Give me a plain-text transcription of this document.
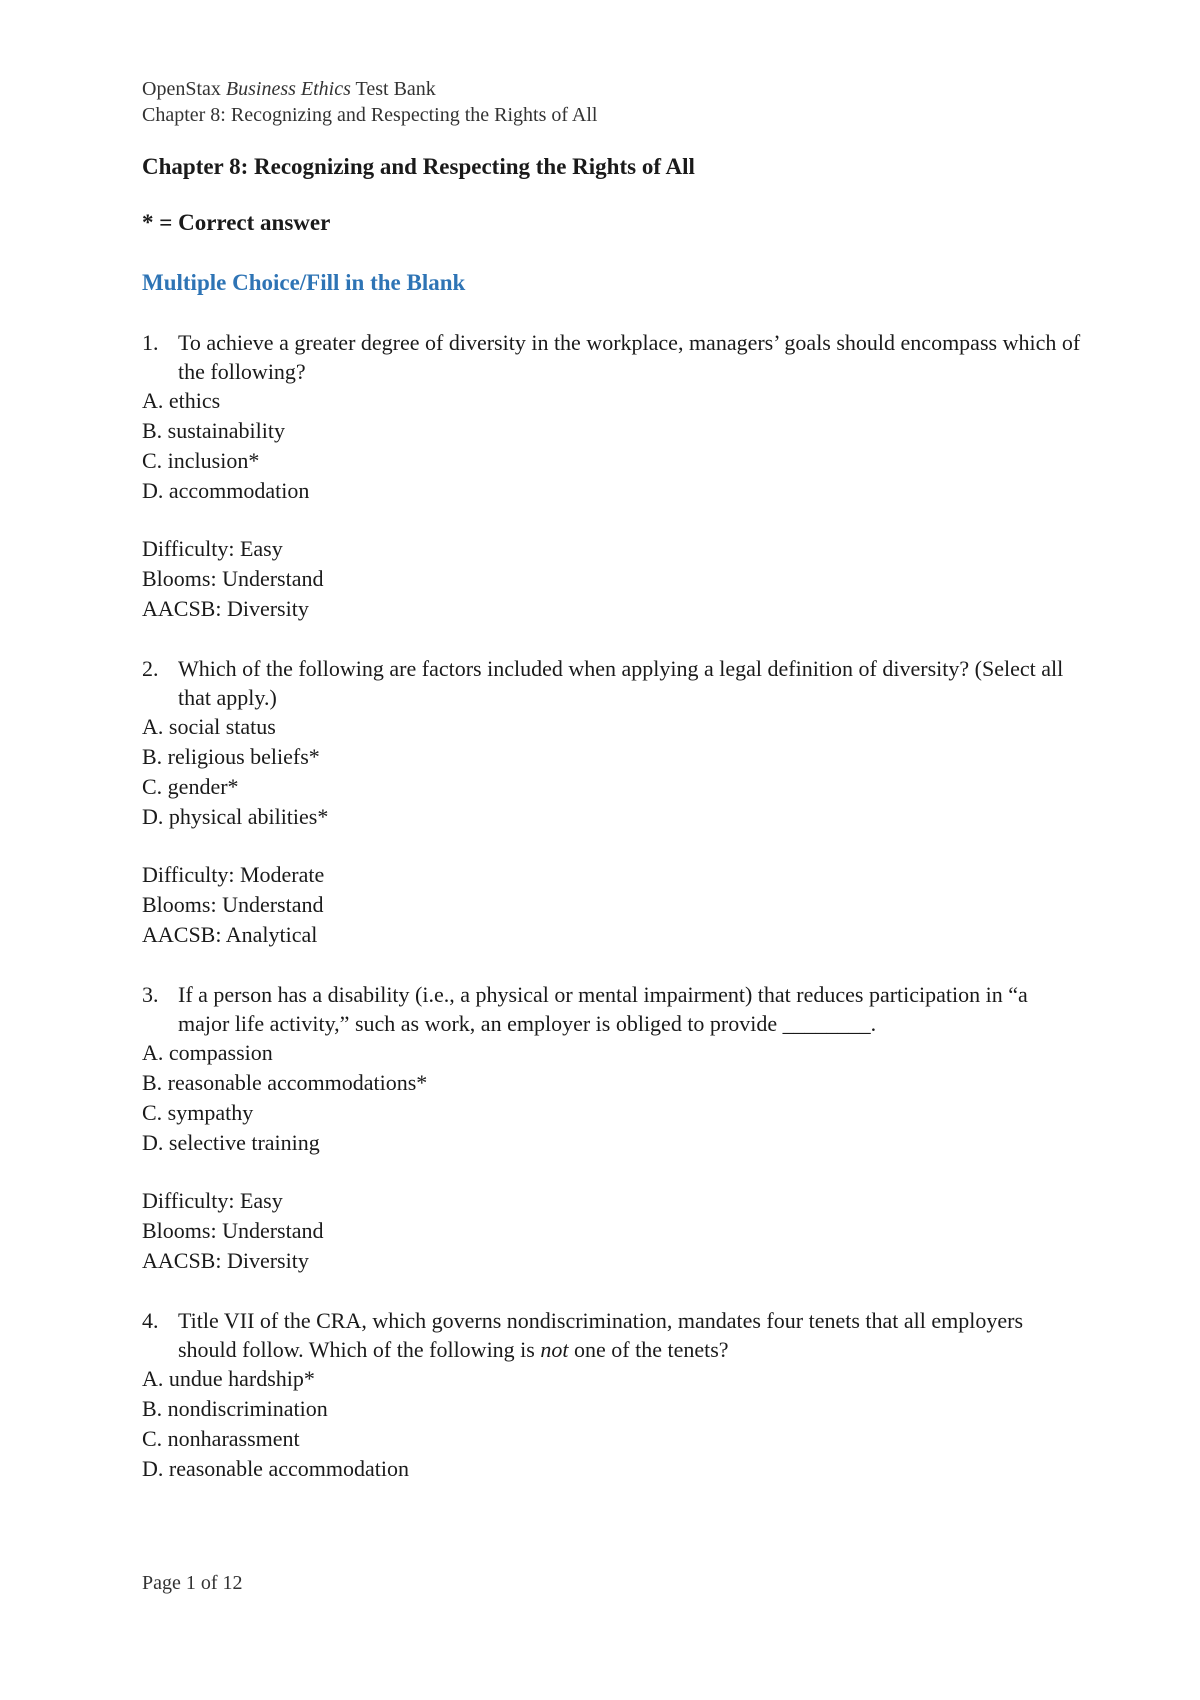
OpenStax Business Ethics Test Bank
Chapter 8: Recognizing and Respecting the Rights of All
Chapter 8: Recognizing and Respecting the Rights of All
* = Correct answer
Multiple Choice/Fill in the Blank
1. To achieve a greater degree of diversity in the workplace, managers’ goals should encompass which of the following?
A. ethics
B. sustainability
C. inclusion*
D. accommodation
Difficulty: Easy
Blooms: Understand
AACSB: Diversity
2. Which of the following are factors included when applying a legal definition of diversity? (Select all that apply.)
A. social status
B. religious beliefs*
C. gender*
D. physical abilities*
Difficulty: Moderate
Blooms: Understand
AACSB: Analytical
3. If a person has a disability (i.e., a physical or mental impairment) that reduces participation in “a major life activity,” such as work, an employer is obliged to provide ________.
A. compassion
B. reasonable accommodations*
C. sympathy
D. selective training
Difficulty: Easy
Blooms: Understand
AACSB: Diversity
4. Title VII of the CRA, which governs nondiscrimination, mandates four tenets that all employers should follow. Which of the following is not one of the tenets?
A. undue hardship*
B. nondiscrimination
C. nonharassment
D. reasonable accommodation
Page 1 of 12
